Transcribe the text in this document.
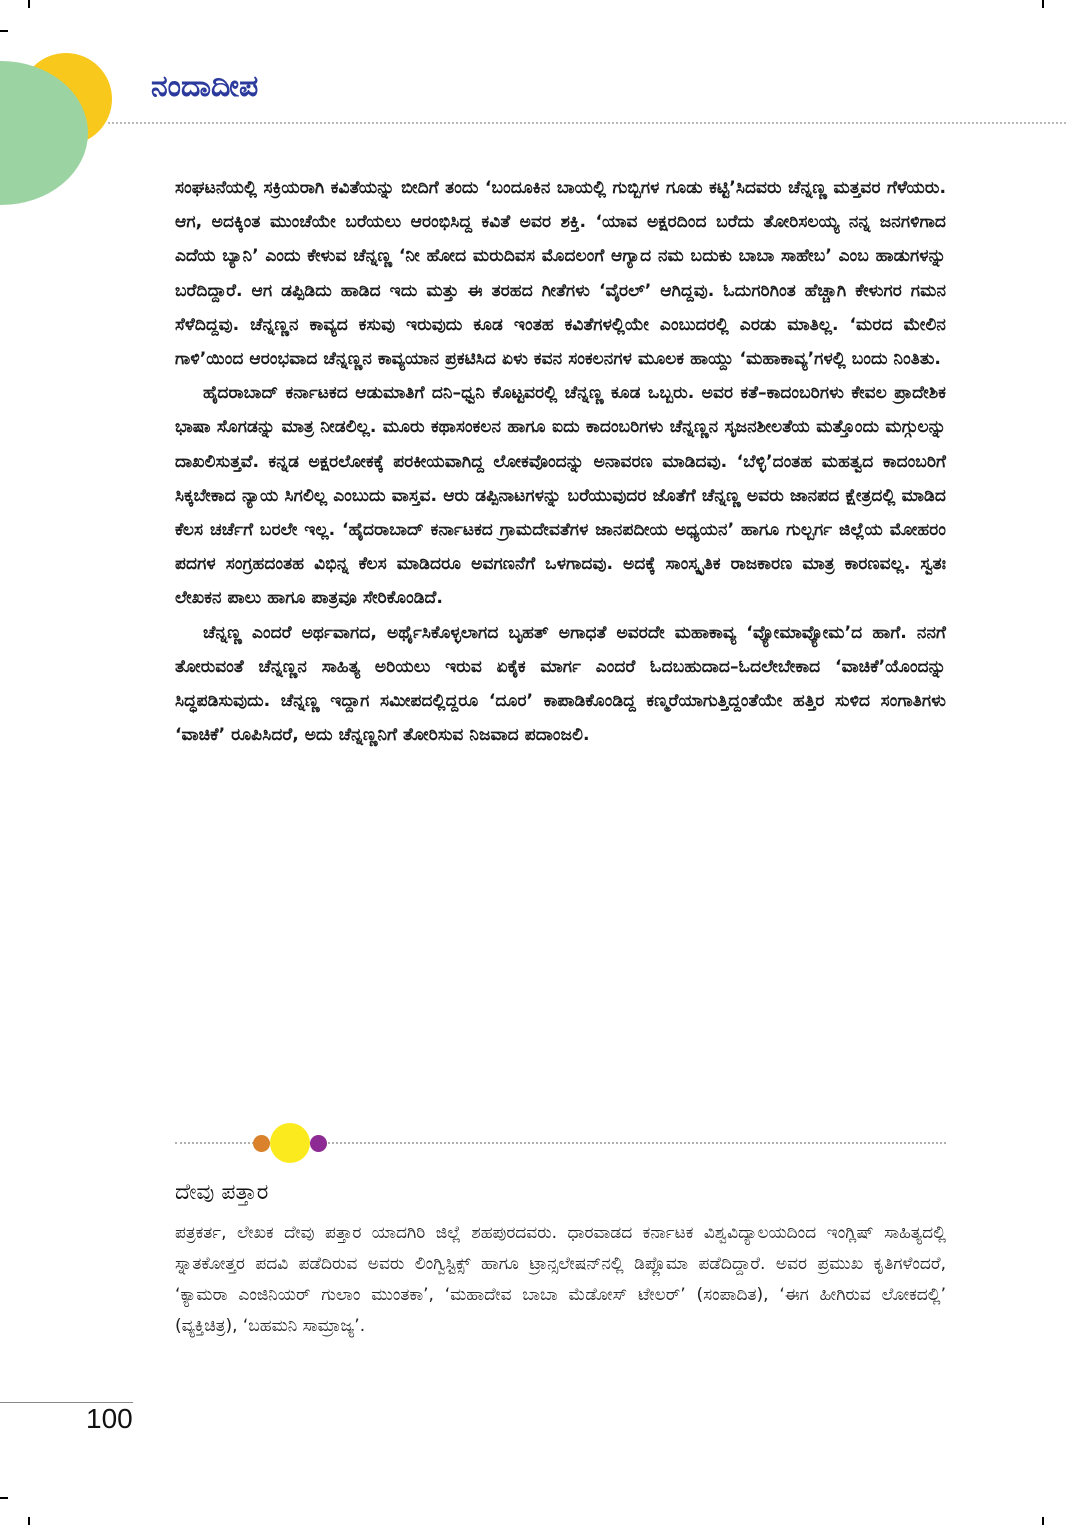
ನಂದಾದೀಪ

ಸಂಘಟನೆಯಲ್ಲಿ ಸಕ್ರಿಯರಾಗಿ ಕವಿತೆಯನ್ನು ಬೀದಿಗೆ ತಂದು ‘ಬಂದೂಕಿನ ಬಾಯಲ್ಲಿ ಗುಬ್ಬಿಗಳ ಗೂಡು ಕಟ್ಟಿ’ಸಿದವರು ಚೆನ್ನಣ್ಣ ಮತ್ತವರ ಗೆಳೆಯರು. ಆಗ, ಅದಕ್ಕಿಂತ ಮುಂಚೆಯೇ ಬರೆಯಲು ಆರಂಭಿಸಿದ್ದ ಕವಿತೆ ಅವರ ಶಕ್ತಿ. ‘ಯಾವ ಅಕ್ಷರದಿಂದ ಬರೆದು ತೋರಿಸಲಯ್ಯ ನನ್ನ ಜನಗಳಿಗಾದ ಎದೆಯ ಬ್ಯಾನಿ’ ಎಂದು ಕೇಳುವ ಚೆನ್ನಣ್ಣ ‘ನೀ ಹೋದ ಮರುದಿವಸ ಮೊದಲಂಗೆ ಆಗ್ಯಾದ ನಮ ಬದುಕು ಬಾಬಾ ಸಾಹೇಬ’ ಎಂಬ ಹಾಡುಗಳನ್ನು ಬರೆದಿದ್ದಾರೆ. ಆಗ ಡಪ್ಪಿಡಿದು ಹಾಡಿದ ಇದು ಮತ್ತು ಈ ತರಹದ ಗೀತೆಗಳು ‘ವೈರಲ್’ ಆಗಿದ್ದವು. ಓದುಗರಿಗಿಂತ ಹೆಚ್ಚಾಗಿ ಕೇಳುಗರ ಗಮನ ಸೆಳೆದಿದ್ದವು. ಚೆನ್ನಣ್ಣನ ಕಾವ್ಯದ ಕಸುವು ಇರುವುದು ಕೂಡ ಇಂತಹ ಕವಿತೆಗಳಲ್ಲಿಯೇ ಎಂಬುದರಲ್ಲಿ ಎರಡು ಮಾತಿಲ್ಲ. ‘ಮರದ ಮೇಲಿನ ಗಾಳಿ’ಯಿಂದ ಆರಂಭವಾದ ಚೆನ್ನಣ್ಣನ ಕಾವ್ಯಯಾನ ಪ್ರಕಟಿಸಿದ ಏಳು ಕವನ ಸಂಕಲನಗಳ ಮೂಲಕ ಹಾಯ್ದು ‘ಮಹಾಕಾವ್ಯ’ಗಳಲ್ಲಿ ಬಂದು ನಿಂತಿತು.

ಹೈದರಾಬಾದ್ ಕರ್ನಾಟಕದ ಆಡುಮಾತಿಗೆ ದನಿ–ಧ್ವನಿ ಕೊಟ್ಟವರಲ್ಲಿ ಚೆನ್ನಣ್ಣ ಕೂಡ ಒಬ್ಬರು. ಅವರ ಕತೆ–ಕಾದಂಬರಿಗಳು ಕೇವಲ ಪ್ರಾದೇಶಿಕ ಭಾಷಾ ಸೊಗಡನ್ನು ಮಾತ್ರ ನೀಡಲಿಲ್ಲ. ಮೂರು ಕಥಾಸಂಕಲನ ಹಾಗೂ ಐದು ಕಾದಂಬರಿಗಳು ಚೆನ್ನಣ್ಣನ ಸೃಜನಶೀಲತೆಯ ಮತ್ತೊಂದು ಮಗ್ಗುಲನ್ನು ದಾಖಲಿಸುತ್ತವೆ. ಕನ್ನಡ ಅಕ್ಷರಲೋಕಕ್ಕೆ ಪರಕೀಯವಾಗಿದ್ದ ಲೋಕವೊಂದನ್ನು ಅನಾವರಣ ಮಾಡಿದವು. ‘ಬೆಳ್ಳಿ’ದಂತಹ ಮಹತ್ವದ ಕಾದಂಬರಿಗೆ ಸಿಕ್ಕಬೇಕಾದ ನ್ಯಾಯ ಸಿಗಲಿಲ್ಲ ಎಂಬುದು ವಾಸ್ತವ. ಆರು ಡಪ್ಪಿನಾಟಗಳನ್ನು ಬರೆಯುವುದರ ಜೊತೆಗೆ ಚೆನ್ನಣ್ಣ ಅವರು ಜಾನಪದ ಕ್ಷೇತ್ರದಲ್ಲಿ ಮಾಡಿದ ಕೆಲಸ ಚರ್ಚೆಗೆ ಬರಲೇ ಇಲ್ಲ. ‘ಹೈದರಾಬಾದ್ ಕರ್ನಾಟಕದ ಗ್ರಾಮದೇವತೆಗಳ ಜಾನಪದೀಯ ಅಧ್ಯಯನ’ ಹಾಗೂ ಗುಲ್ಬರ್ಗ ಜಿಲ್ಲೆಯ ಮೋಹರಂ ಪದಗಳ ಸಂಗ್ರಹದಂತಹ ವಿಭಿನ್ನ ಕೆಲಸ ಮಾಡಿದರೂ ಅವಗಣನೆಗೆ ಒಳಗಾದವು. ಅದಕ್ಕೆ ಸಾಂಸ್ಕೃತಿಕ ರಾಜಕಾರಣ ಮಾತ್ರ ಕಾರಣವಲ್ಲ. ಸ್ವತಃ ಲೇಖಕನ ಪಾಲು ಹಾಗೂ ಪಾತ್ರವೂ ಸೇರಿಕೊಂಡಿದೆ.

ಚೆನ್ನಣ್ಣ ಎಂದರೆ ಅರ್ಥವಾಗದ, ಅರ್ಥೈಸಿಕೊಳ್ಳಲಾಗದ ಬೃಹತ್ ಅಗಾಧತೆ ಅವರದೇ ಮಹಾಕಾವ್ಯ ‘ವ್ಯೋಮಾವ್ಯೋಮ’ದ ಹಾಗೆ. ನನಗೆ ತೋರುವಂತೆ ಚೆನ್ನಣ್ಣನ ಸಾಹಿತ್ಯ ಅರಿಯಲು ಇರುವ ಏಕೈಕ ಮಾರ್ಗ ಎಂದರೆ ಓದಬಹುದಾದ–ಓದಲೇಬೇಕಾದ ‘ವಾಚಿಕೆ’ಯೊಂದನ್ನು ಸಿದ್ಧಪಡಿಸುವುದು. ಚೆನ್ನಣ್ಣ ಇದ್ದಾಗ ಸಮೀಪದಲ್ಲಿದ್ದರೂ ‘ದೂರ’ ಕಾಪಾಡಿಕೊಂಡಿದ್ದ ಕಣ್ಮರೆಯಾಗುತ್ತಿದ್ದಂತೆಯೇ ಹತ್ತಿರ ಸುಳಿದ ಸಂಗಾತಿಗಳು ‘ವಾಚಿಕೆ’ ರೂಪಿಸಿದರೆ, ಅದು ಚೆನ್ನಣ್ಣನಿಗೆ ತೋರಿಸುವ ನಿಜವಾದ ಪದಾಂಜಲಿ.

ದೇವು ಪತ್ತಾರ

ಪತ್ರಕರ್ತ, ಲೇಖಕ ದೇವು ಪತ್ತಾರ ಯಾದಗಿರಿ ಜಿಲ್ಲೆ ಶಹಪುರದವರು. ಧಾರವಾಡದ ಕರ್ನಾಟಕ ವಿಶ್ವವಿದ್ಯಾಲಯದಿಂದ ಇಂಗ್ಲಿಷ್ ಸಾಹಿತ್ಯದಲ್ಲಿ ಸ್ನಾತಕೋತ್ತರ ಪದವಿ ಪಡೆದಿರುವ ಅವರು ಲಿಂಗ್ವಿಸ್ಟಿಕ್ಸ್ ಹಾಗೂ ಟ್ರಾನ್ಸಲೇಷನ್‌ನಲ್ಲಿ ಡಿಪ್ಲೊಮಾ ಪಡೆದಿದ್ದಾರೆ. ಅವರ ಪ್ರಮುಖ ಕೃತಿಗಳೆಂದರೆ, ‘ಕ್ಯಾಮರಾ ಎಂಜಿನಿಯರ್ ಗುಲಾಂ ಮುಂತಕಾ’, ‘ಮಹಾದೇವ ಬಾಬಾ ಮೆಡೋಸ್ ಟೇಲರ್’ (ಸಂಪಾದಿತ), ‘ಈಗ ಹೀಗಿರುವ ಲೋಕದಲ್ಲಿ’ (ವ್ಯಕ್ತಿಚಿತ್ರ), ‘ಬಹಮನಿ ಸಾಮ್ರಾಜ್ಯ’.

100
